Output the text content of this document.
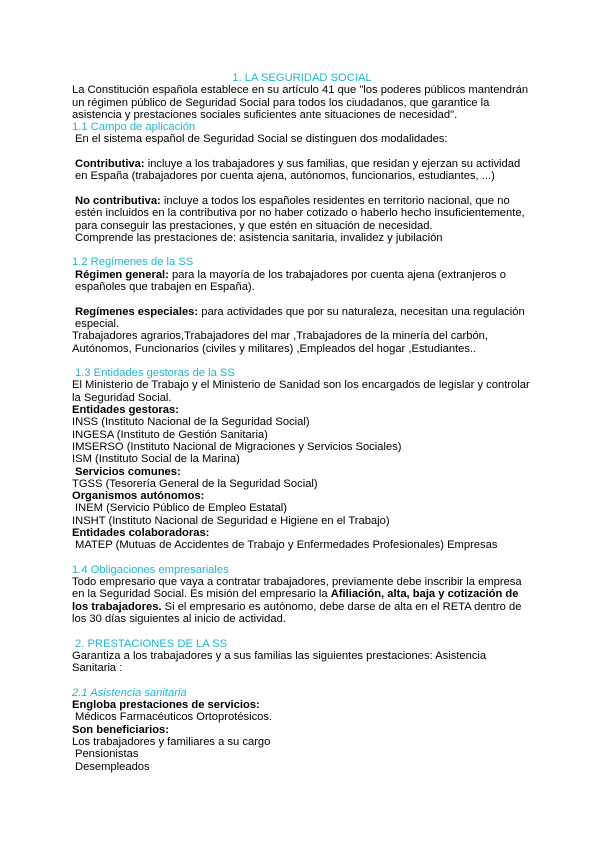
1. LA SEGURIDAD SOCIAL

La Constitución española establece en su artículo 41 que "los poderes públicos mantendrán un régimen público de Seguridad Social para todos los ciudadanos, que garantice la asistencia y prestaciones sociales suficientes ante situaciones de necesidad".

1.1 Campo de aplicación

En el sistema español de Seguridad Social se distinguen dos modalidades:

Contributiva: incluye a los trabajadores y sus familias, que residan y ejerzan su actividad en España (trabajadores por cuenta ajena, autónomos, funcionarios, estudiantes, ...)

No contributiva: incluye a todos los españoles residentes en territorio nacional, que no estén incluidos en la contributiva por no haber cotizado o haberlo hecho insuficientemente, para conseguir las prestaciones, y que estén en situación de necesidad.

Comprende las prestaciones de: asistencia sanitaria, invalidez y jubilación

1.2 Regímenes de la SS

Régimen general: para la mayoría de los trabajadores por cuenta ajena (extranjeros o españoles que trabajen en España).

Regímenes especiales: para actividades que por su naturaleza, necesitan una regulación especial.

Trabajadores agrarios,Trabajadores del mar ,Trabajadores de la minería del carbón, Autónomos, Funcionarios (civiles y militares) ,Empleados del hogar ,Estudiantes..

1.3 Entidades gestoras de la SS

El Ministerio de Trabajo y el Ministerio de Sanidad son los encargados de legislar y controlar la Seguridad Social.

Entidades gestoras:

INSS (Instituto Nacional de la Seguridad Social)

INGESA (Instituto de Gestión Sanitaria)

IMSERSO (Instituto Nacional de Migraciones y Servicios Sociales)

ISM (Instituto Social de la Marina)

Servicios comunes:

TGSS (Tesorería General de la Seguridad Social)

Organismos autónomos:

INEM (Servicio Público de Empleo Estatal)

INSHT (Instituto Nacional de Seguridad e Higiene en el Trabajo)

Entidades colaboradoras:

MATEP (Mutuas de Accidentes de Trabajo y Enfermedades Profesionales) Empresas

1.4 Obligaciones empresariales

Todo empresario que vaya a contratar trabajadores, previamente debe inscribir la empresa en la Seguridad Social. Es misión del empresario la Afiliación, alta, baja y cotización de los trabajadores. Si el empresario es autónomo, debe darse de alta en el RETA dentro de los 30 días siguientes al inicio de actividad.

2. PRESTACIONES DE LA SS

Garantiza a los trabajadores y a sus familias las siguientes prestaciones: Asistencia Sanitaria :

2.1 Asistencia sanitaria

Engloba prestaciones de servicios:

Médicos Farmacéuticos Ortoprotésicos.

Son beneficiarios:

Los trabajadores y familiares a su cargo

Pensionistas

Desempleados
